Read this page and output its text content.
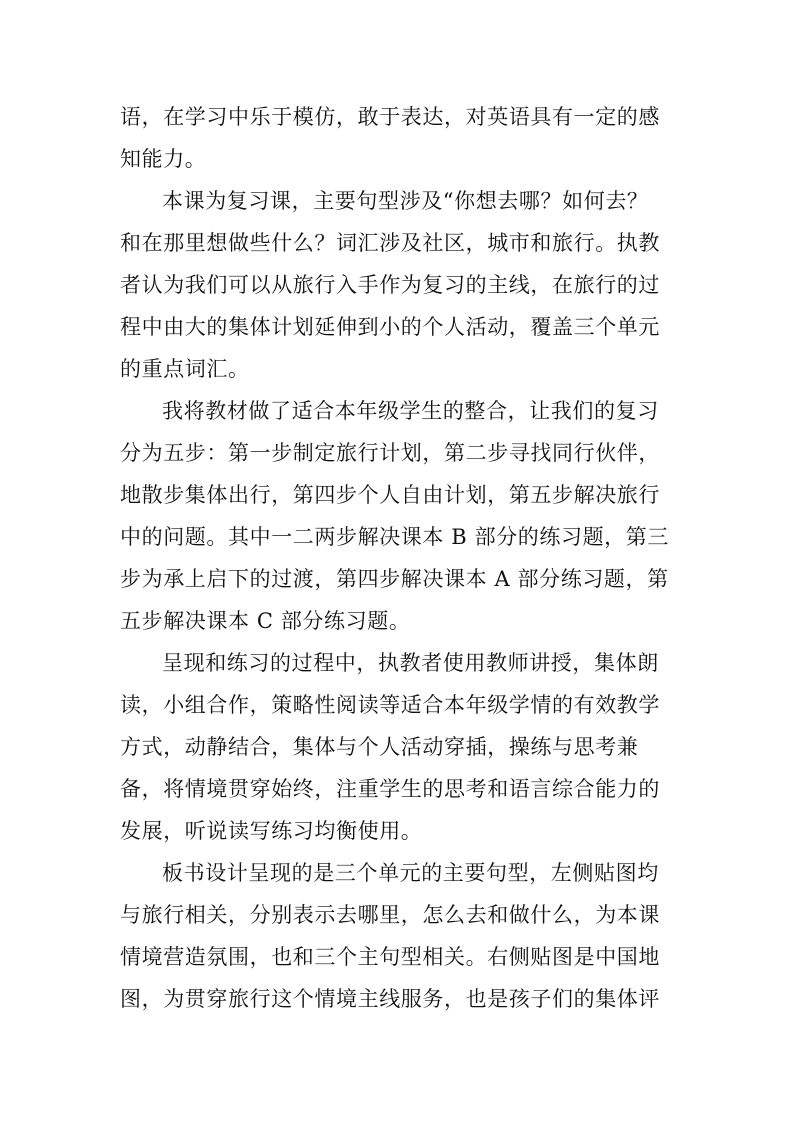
语，在学习中乐于模仿，敢于表达，对英语具有一定的感
知能力。
本课为复习课，主要句型涉及“你想去哪？如何去？
和在那里想做些什么？词汇涉及社区，城市和旅行。执教
者认为我们可以从旅行入手作为复习的主线，在旅行的过
程中由大的集体计划延伸到小的个人活动，覆盖三个单元
的重点词汇。
我将教材做了适合本年级学生的整合，让我们的复习
分为五步：第一步制定旅行计划，第二步寻找同行伙伴，
地散步集体出行，第四步个人自由计划，第五步解决旅行
中的问题。其中一二两步解决课本 B 部分的练习题，第三
步为承上启下的过渡，第四步解决课本 A 部分练习题，第
五步解决课本 C 部分练习题。
呈现和练习的过程中，执教者使用教师讲授，集体朗
读，小组合作，策略性阅读等适合本年级学情的有效教学
方式，动静结合，集体与个人活动穿插，操练与思考兼
备，将情境贯穿始终，注重学生的思考和语言综合能力的
发展，听说读写练习均衡使用。
板书设计呈现的是三个单元的主要句型，左侧贴图均
与旅行相关，分别表示去哪里，怎么去和做什么，为本课
情境营造氛围，也和三个主句型相关。右侧贴图是中国地
图，为贯穿旅行这个情境主线服务，也是孩子们的集体评
